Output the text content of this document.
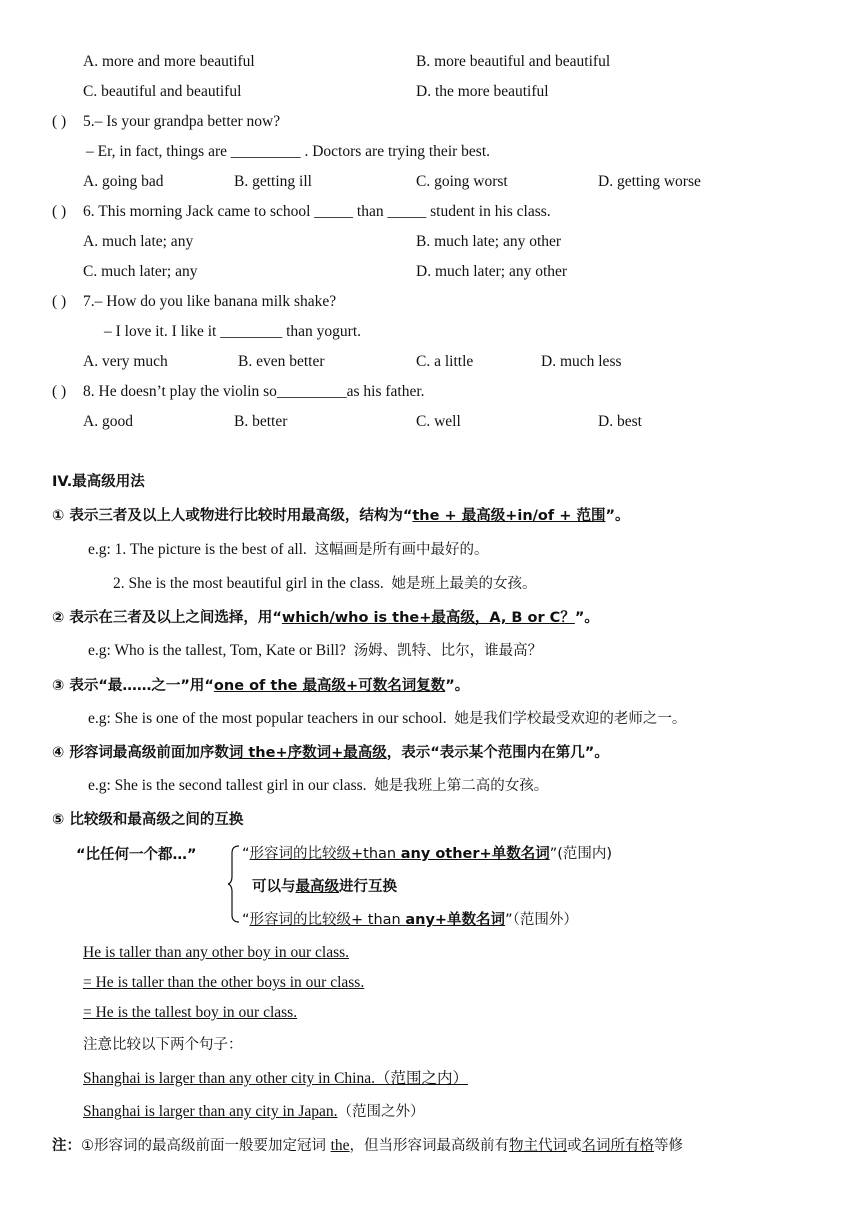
A. more and more beautiful	B. more beautiful and beautiful
C. beautiful and beautiful	D. the more beautiful
( ) 5.– Is your grandpa better now?
– Er, in fact, things are _________ . Doctors are trying their best.
A. going bad	B. getting ill	C. going worst	D. getting worse
( ) 6. This morning Jack came to school _____ than _____ student in his class.
A. much late; any	B. much late; any other
C. much later; any	D. much later; any other
( ) 7.– How do you like banana milk shake?
– I love it. I like it ________ than yogurt.
A. very much	B. even better	C. a little	D. much less
( ) 8. He doesn’t play the violin so_________as his father.
A. good	B. better	C. well	D. best
IV.最高级用法
① 表示三者及以上人或物进行比较时用最高级，结构为“the + 最高级+in/of + 范围”。
e.g: 1. The picture is the best of all. 这幅画是所有画中最好的。
2. She is the most beautiful girl in the class. 她是班上最美的女孩。
② 表示在三者及以上之间选择，用“which/who is the+最高级，A, B or C？”。
e.g: Who is the tallest, Tom, Kate or Bill? 汤姆、凯特、比尔，谁最高？
③ 表示“最……之一”用“one of the 最高级+可数名词复数”。
e.g: She is one of the most popular teachers in our school. 她是我们学校最受欢迎的老师之一。
④ 形容词最高级前面加序数词 the+序数词+最高级，表示“表示某个范围内在第几”。
e.g: She is the second tallest girl in our class. 她是我班上第二高的女孩。
⑤ 比较级和最高级之间的互换
“比任何一个都…”	“形容词的比较级+than any other+单数名词”(范围内)
可以与最高级进行互换
“形容词的比较级+ than any+单数名词”（范围外）
He is taller than any other boy in our class.
= He is taller than the other boys in our class.
= He is the tallest boy in our class.
注意比较以下两个句子：
Shanghai is larger than any other city in China.（范围之内）
Shanghai is larger than any city in Japan.（范围之外）
注：①形容词的最高级前面一般要加定冠词 the，但当形容词最高级前有物主代词或名词所有格等修
